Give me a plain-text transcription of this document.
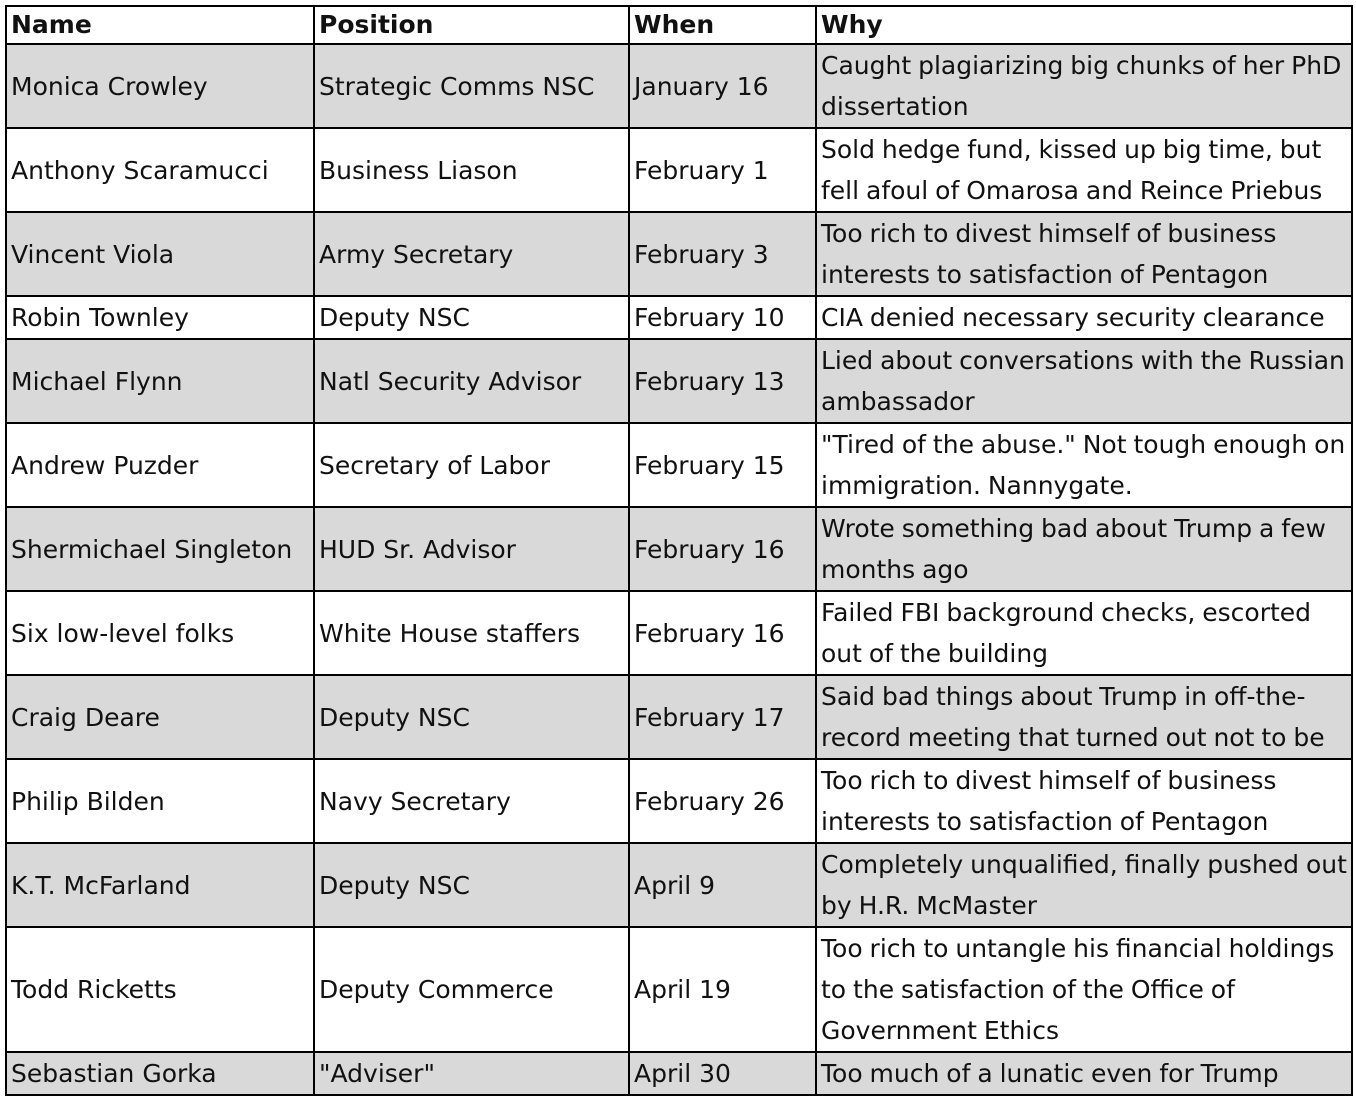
Name	Position	When	Why
Monica Crowley	Strategic Comms NSC	January 16	Caught plagiarizing big chunks of her PhD dissertation
Anthony Scaramucci	Business Liason	February 1	Sold hedge fund, kissed up big time, but fell afoul of Omarosa and Reince Priebus
Vincent Viola	Army Secretary	February 3	Too rich to divest himself of business interests to satisfaction of Pentagon
Robin Townley	Deputy NSC	February 10	CIA denied necessary security clearance
Michael Flynn	Natl Security Advisor	February 13	Lied about conversations with the Russian ambassador
Andrew Puzder	Secretary of Labor	February 15	"Tired of the abuse." Not tough enough on immigration. Nannygate.
Shermichael Singleton	HUD Sr. Advisor	February 16	Wrote something bad about Trump a few months ago
Six low-level folks	White House staffers	February 16	Failed FBI background checks, escorted out of the building
Craig Deare	Deputy NSC	February 17	Said bad things about Trump in off-the-record meeting that turned out not to be
Philip Bilden	Navy Secretary	February 26	Too rich to divest himself of business interests to satisfaction of Pentagon
K.T. McFarland	Deputy NSC	April 9	Completely unqualified, finally pushed out by H.R. McMaster
Todd Ricketts	Deputy Commerce	April 19	Too rich to untangle his financial holdings to the satisfaction of the Office of Government Ethics
Sebastian Gorka	"Adviser"	April 30	Too much of a lunatic even for Trump
